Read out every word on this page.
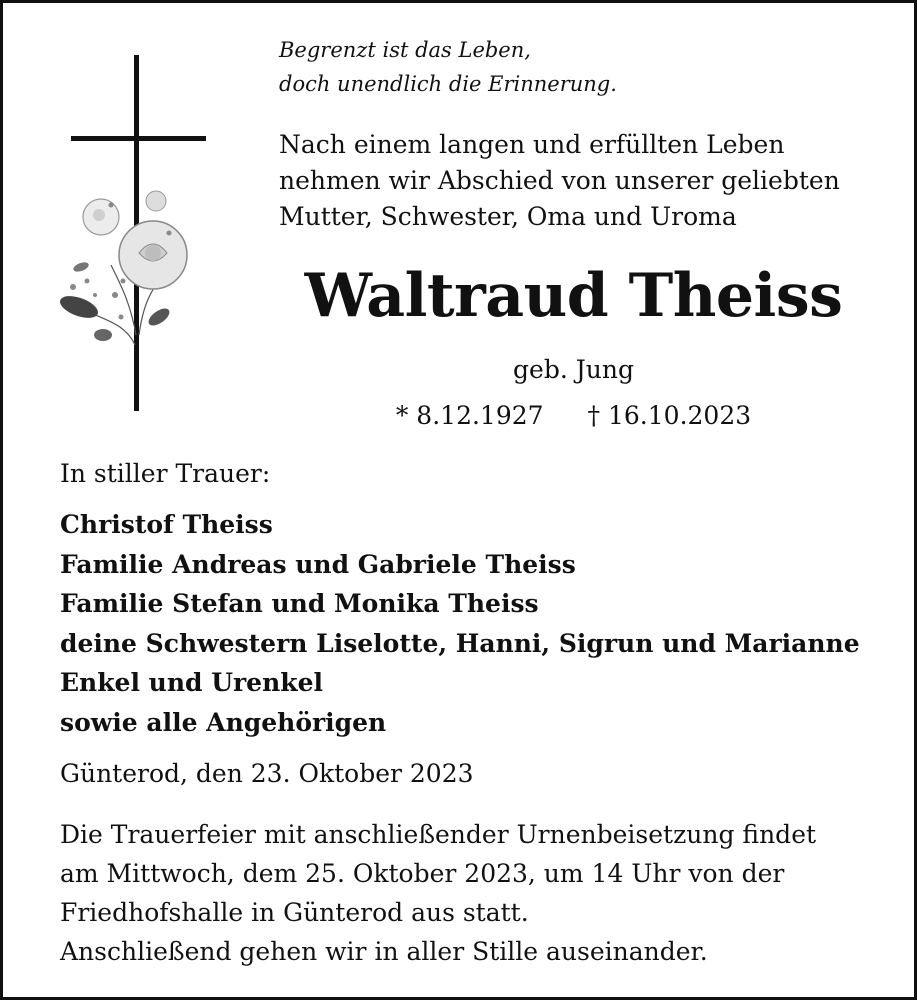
Begrenzt ist das Leben,
doch unendlich die Erinnerung.
Nach einem langen und erfüllten Leben
nehmen wir Abschied von unserer geliebten
Mutter, Schwester, Oma und Uroma
Waltraud Theiss
geb. Jung
* 8.12.1927 † 16.10.2023
In stiller Trauer:
Christof Theiss
Familie Andreas und Gabriele Theiss
Familie Stefan und Monika Theiss
deine Schwestern Liselotte, Hanni, Sigrun und Marianne
Enkel und Urenkel
sowie alle Angehörigen
Günterod, den 23. Oktober 2023
Die Trauerfeier mit anschließender Urnenbeisetzung findet
am Mittwoch, dem 25. Oktober 2023, um 14 Uhr von der
Friedhofshalle in Günterod aus statt.
Anschließend gehen wir in aller Stille auseinander.
